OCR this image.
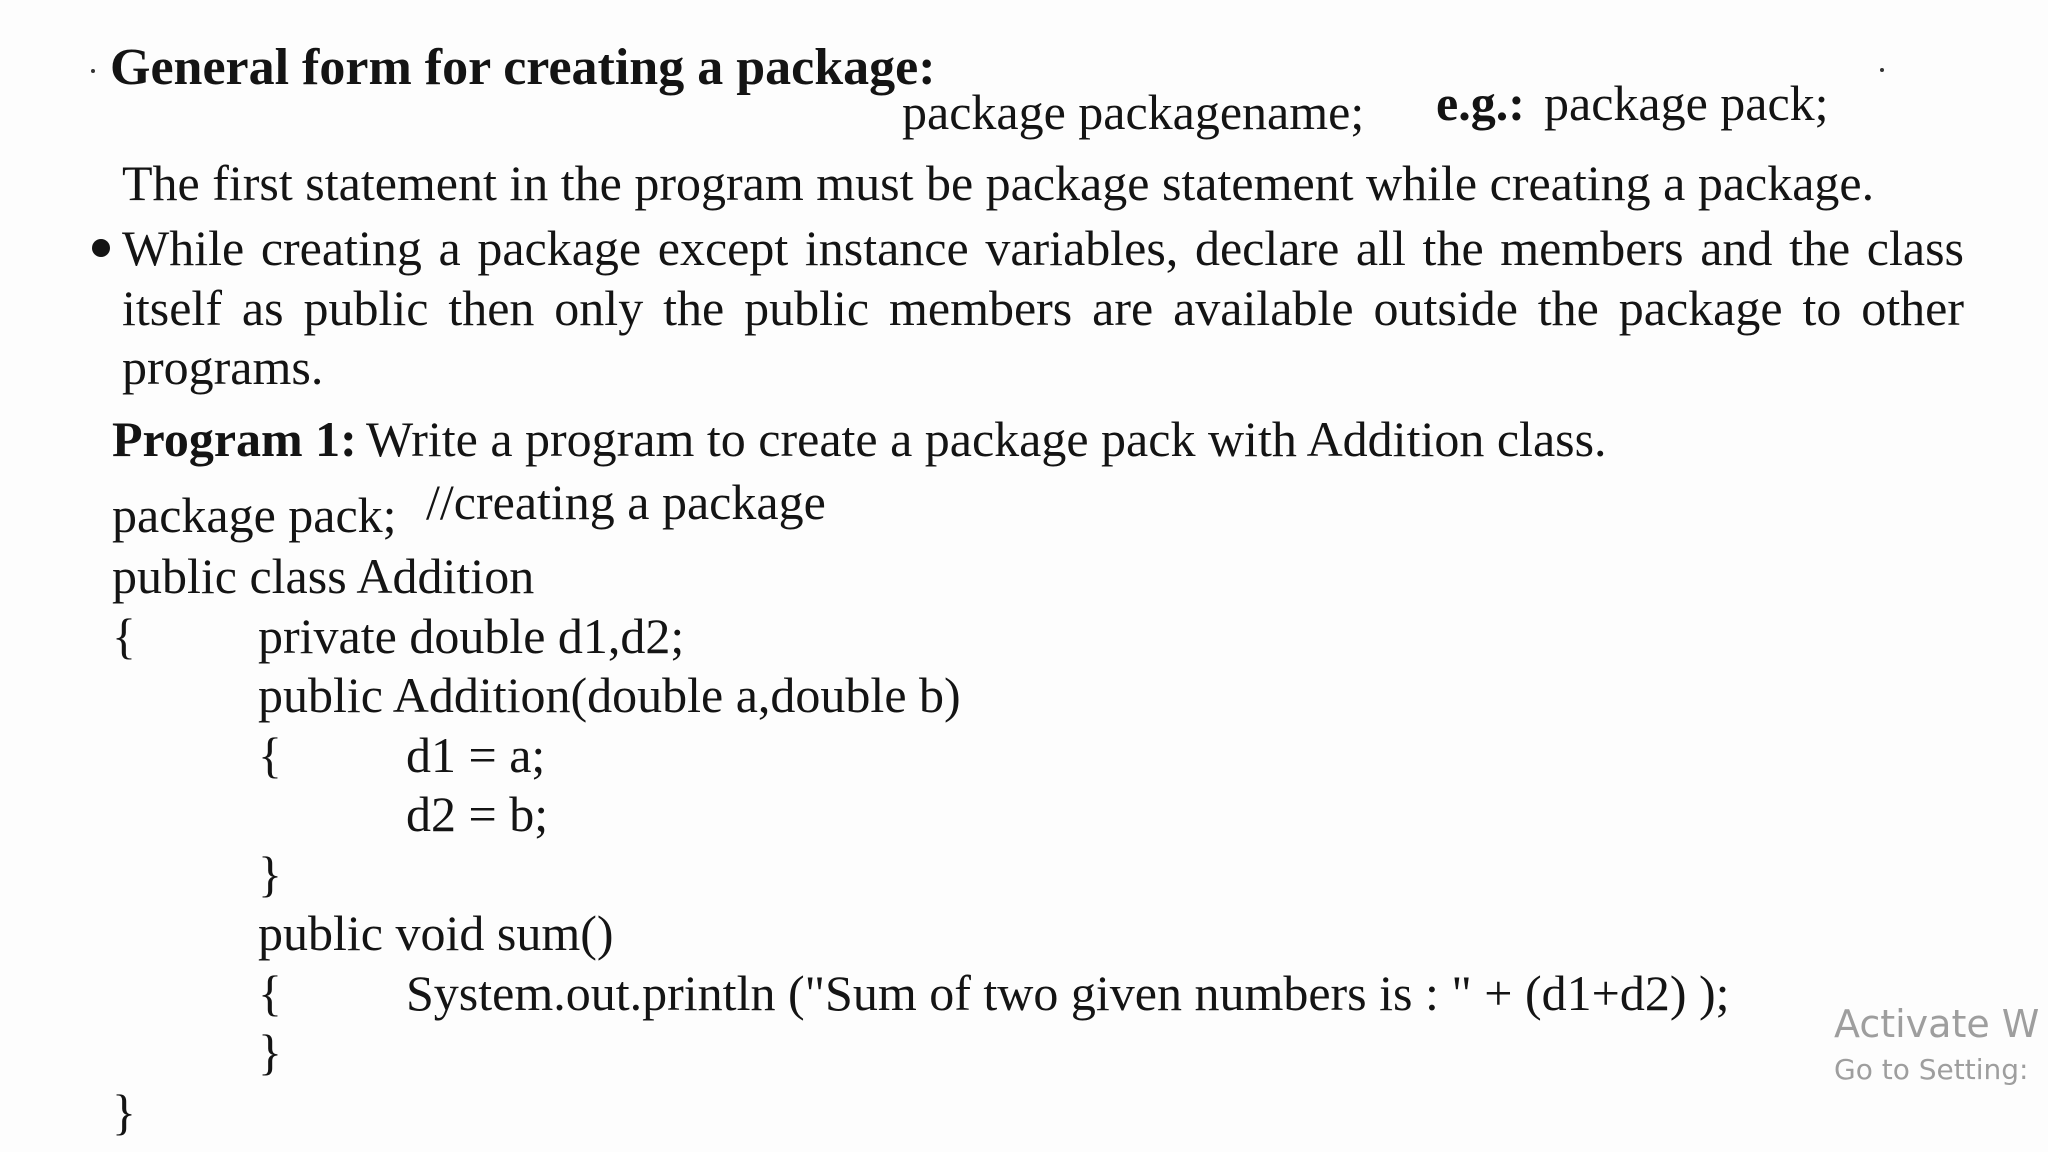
General form for creating a package:
package packagename; e.g.: package pack;
The first statement in the program must be package statement while creating a package.
While creating a package except instance variables, declare all the members and the class
itself as public then only the public members are available outside the package to other
programs.
Program 1: Write a program to create a package pack with Addition class.
package pack; //creating a package
public class Addition
{ private double d1,d2;
public Addition(double a,double b)
{ d1 = a;
d2 = b;
}
public void sum()
{ System.out.println ("Sum of two given numbers is : " + (d1+d2) );
}
}
Activate W
Go to Setting:
